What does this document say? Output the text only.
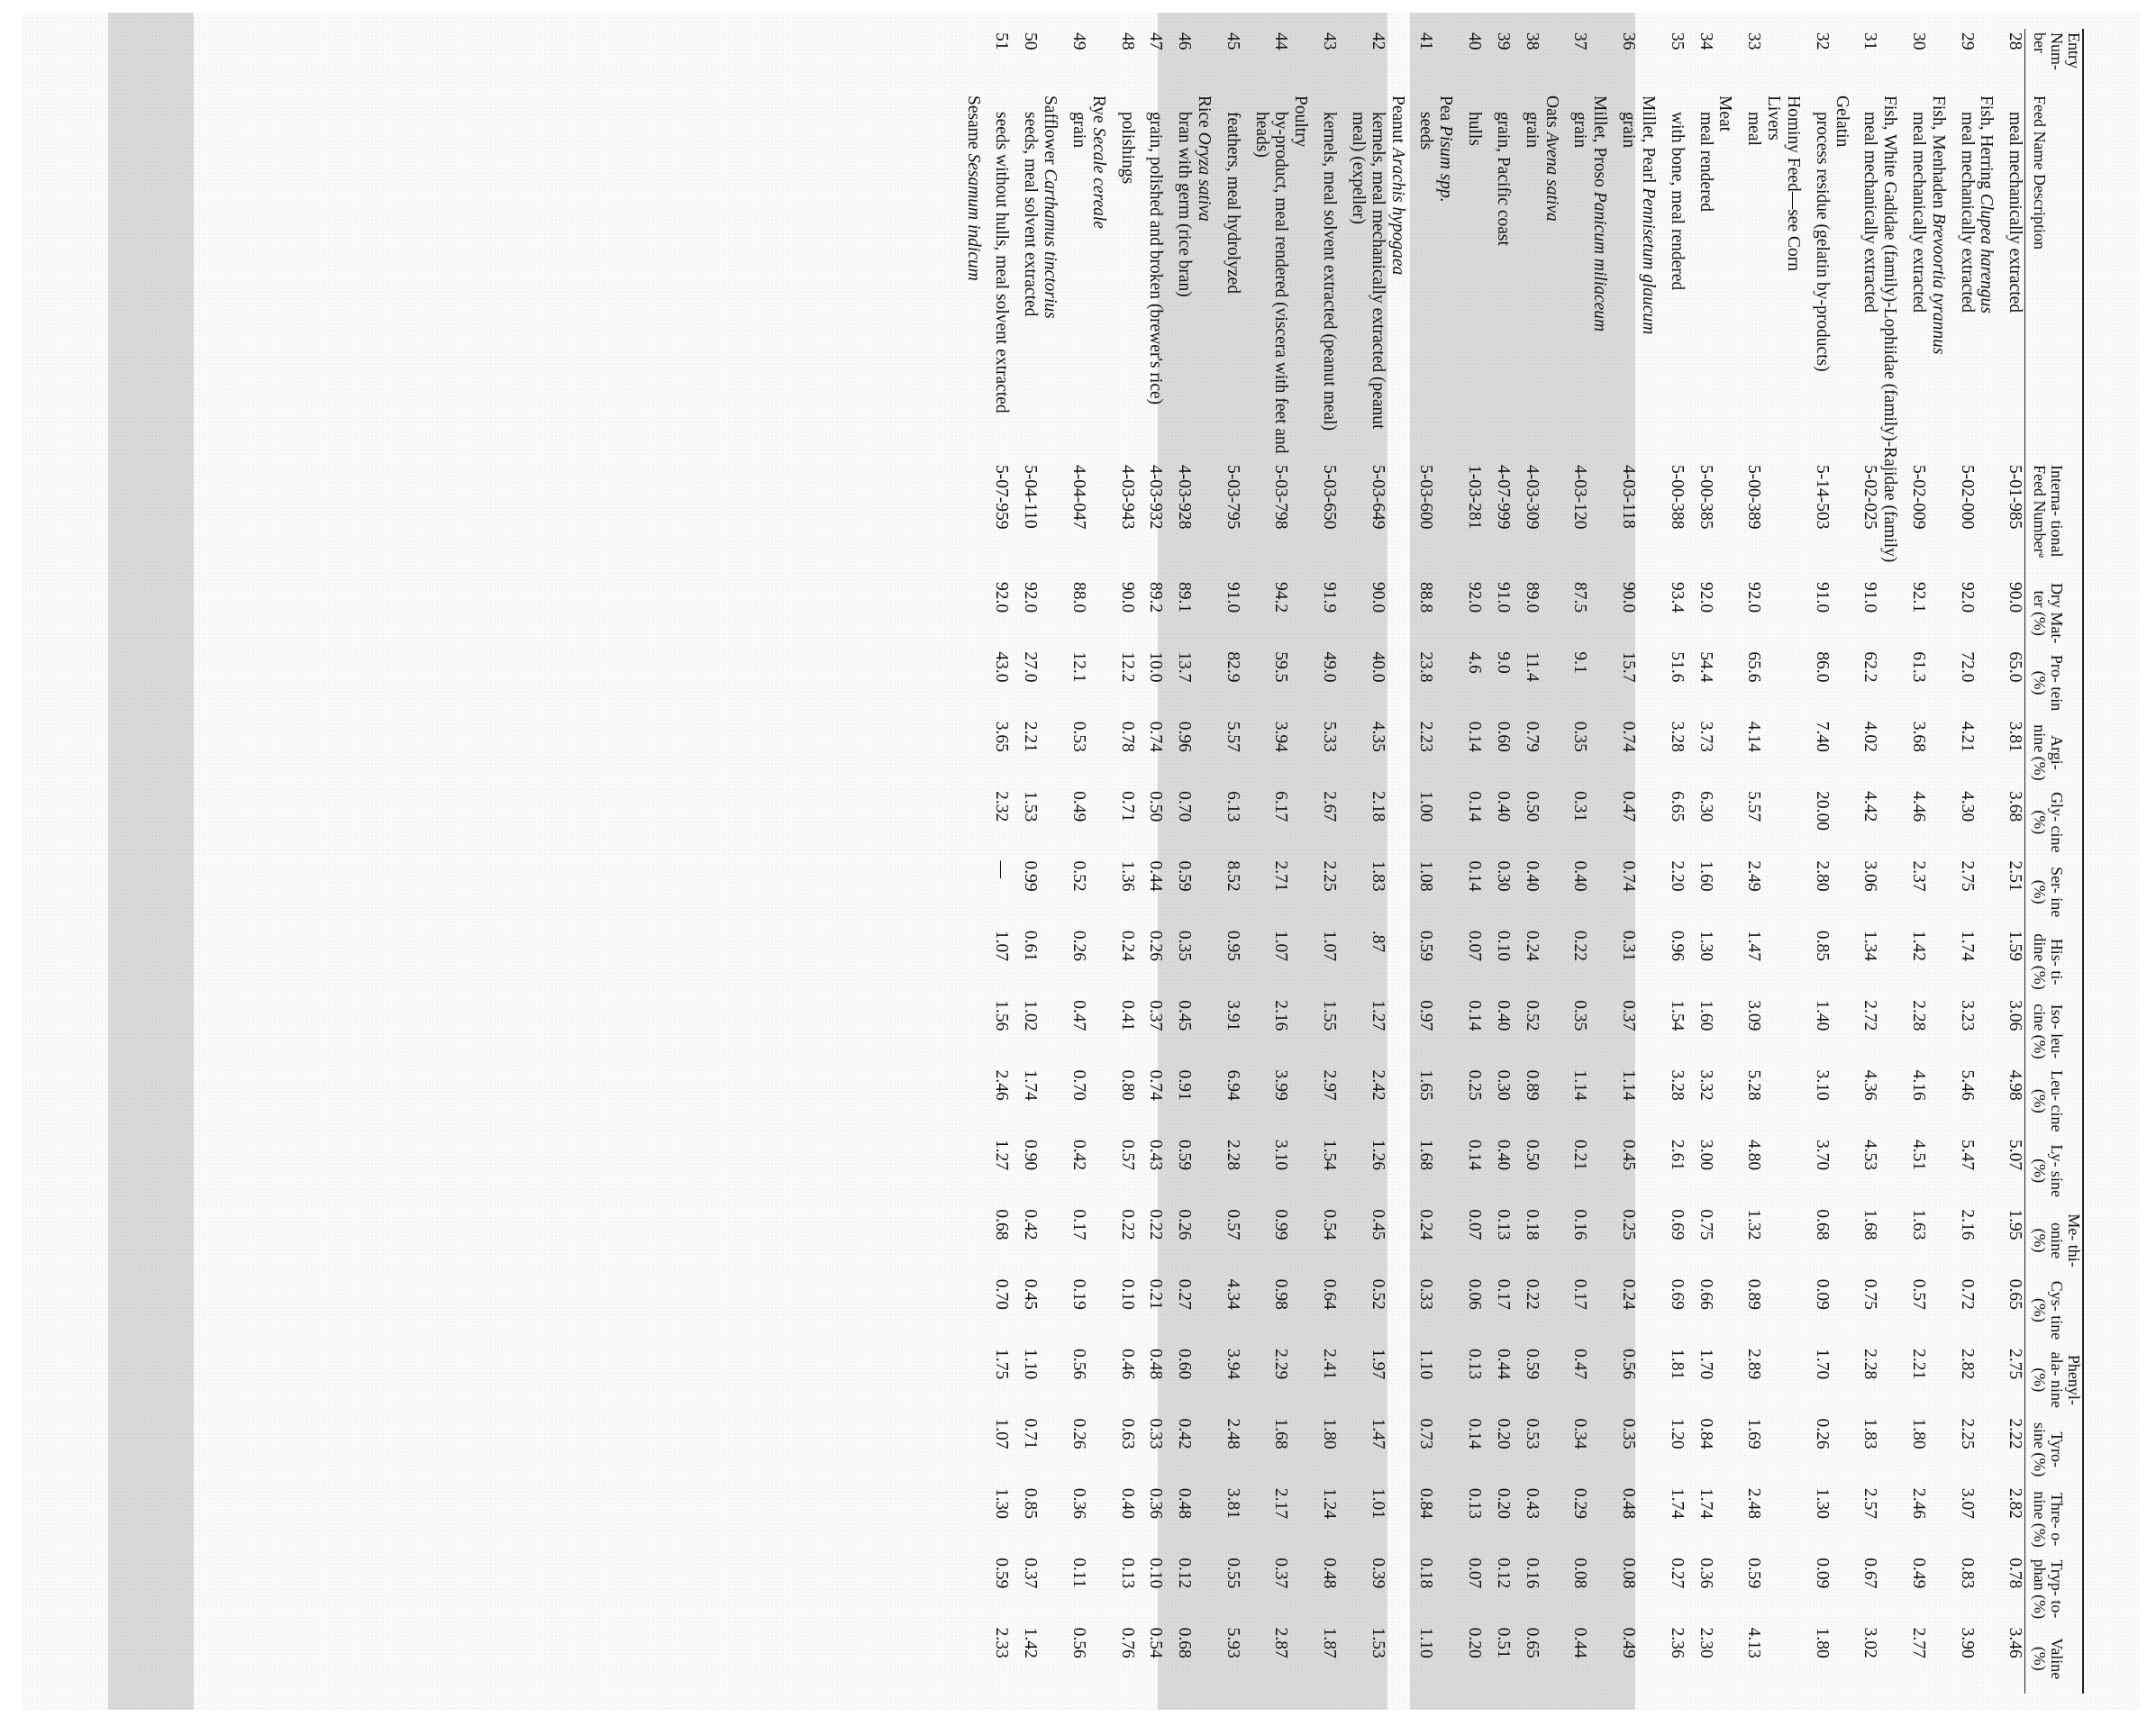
Entry Num- ber	Feed Name Description	Interna- tional Feed Numberᵃ	Dry Mat- ter (%)	Pro- tein (%)	Argi- nine (%)	Gly- cine (%)	Ser- ine (%)	His- ti- dine (%)	Iso- leu- cine (%)	Leu- cine (%)	Ly- sine (%)	Me- thi- onine (%)	Cys- tine (%)	Phenyl- ala- nine (%)	Tyro- sine (%)	Thre- o- nine (%)	Tryp- to- phan (%)	Valine (%)
28	meal mechanically extracted	5-01-985	90.0	65.0	3.81	3.68	2.51	1.59	3.06	4.98	5.07	1.95	0.65	2.75	2.22	2.82	0.78	3.46

	Fish, Herring Clupea harengus																	
29	meal mechanically extracted	5-02-000	92.0	72.0	4.21	4.30	2.75	1.74	3.23	5.46	5.47	2.16	0.72	2.82	2.25	3.07	0.83	3.90

	Fish, Menhaden Brevoortia tyrannus																	
30	meal mechanically extracted	5-02-009	92.1	61.3	3.68	4.46	2.37	1.42	2.28	4.16	4.51	1.63	0.57	2.21	1.80	2.46	0.49	2.77

	Fish, White Gadidae (family)-Lophiidae (family)-Rajidae (family)																	
31	meal mechanically extracted	5-02-025	91.0	62.2	4.02	4.42	3.06	1.34	2.72	4.36	4.53	1.68	0.75	2.28	1.83	2.57	0.67	3.02

	Gelatin																	
32	process residue (gelatin by-products)	5-14-503	91.0	86.0	7.40	20.00	2.80	0.85	1.40	3.10	3.70	0.68	0.09	1.70	0.26	1.30	0.09	1.80

	Hominy Feed—see Corn																	
	Livers																	
33	meal	5-00-389	92.0	65.6	4.14	5.57	2.49	1.47	3.09	5.28	4.80	1.32	0.89	2.89	1.69	2.48	0.59	4.13

	Meat																	
34	meal rendered	5-00-385	92.0	54.4	3.73	6.30	1.60	1.30	1.60	3.32	3.00	0.75	0.66	1.70	0.84	1.74	0.36	2.30

35	with bone, meal rendered	5-00-388	93.4	51.6	3.28	6.65	2.20	0.96	1.54	3.28	2.61	0.69	0.69	1.81	1.20	1.74	0.27	2.36

	Millet, Pearl Pennisetum glaucum																	
36	grain	4-03-118	90.0	15.7	0.74	0.47	0.74	0.31	0.37	1.14	0.45	0.25	0.24	0.56	0.35	0.48	0.08	0.49

	Millet, Proso Panicum miliaceum																	
37	grain	4-03-120	87.5	9.1	0.35	0.31	0.40	0.22	0.35	1.14	0.21	0.16	0.17	0.47	0.34	0.29	0.08	0.44

	Oats Avena sativa																	
38	grain	4-03-309	89.0	11.4	0.79	0.50	0.40	0.24	0.52	0.89	0.50	0.18	0.22	0.59	0.53	0.43	0.16	0.65

39	grain, Pacific coast	4-07-999	91.0	9.0	0.60	0.40	0.30	0.10	0.40	0.30	0.40	0.13	0.17	0.44	0.20	0.20	0.12	0.51

40	hulls	1-03-281	92.0	4.6	0.14	0.14	0.14	0.07	0.14	0.25	0.14	0.07	0.06	0.13	0.14	0.13	0.07	0.20

	Pea Pisum spp.																	
41	seeds	5-03-600	88.8	23.8	2.23	1.00	1.08	0.59	0.97	1.65	1.68	0.24	0.33	1.10	0.73	0.84	0.18	1.10

	Peanut Arachis hypogaea																	
42	kernels, meal mechanically extracted (peanut meal) (expeller)	5-03-649	90.0	40.0	4.35	2.18	1.83	.87	1.27	2.42	1.26	0.45	0.52	1.97	1.47	1.01	0.39	1.53

43	kernels, meal solvent extracted (peanut meal)	5-03-650	91.9	49.0	5.33	2.67	2.25	1.07	1.55	2.97	1.54	0.54	0.64	2.41	1.80	1.24	0.48	1.87

	Poultry																	
44	by-product, meal rendered (viscera with feet and heads)	5-03-798	94.2	59.5	3.94	6.17	2.71	1.07	2.16	3.99	3.10	0.99	0.98	2.29	1.68	2.17	0.37	2.87

45	feathers, meal hydrolyzed	5-03-795	91.0	82.9	5.57	6.13	8.52	0.95	3.91	6.94	2.28	0.57	4.34	3.94	2.48	3.81	0.55	5.93

	Rice Oryza sativa																	
46	bran with germ (rice bran)	4-03-928	89.1	13.7	0.96	0.70	0.59	0.35	0.45	0.91	0.59	0.26	0.27	0.60	0.42	0.48	0.12	0.68

47	grain, polished and broken (brewer's rice)	4-03-932	89.2	10.0	0.74	0.50	0.44	0.26	0.37	0.74	0.43	0.22	0.21	0.48	0.33	0.36	0.10	0.54

48	polishings	4-03-943	90.0	12.2	0.78	0.71	1.36	0.24	0.41	0.80	0.57	0.22	0.10	0.46	0.63	0.40	0.13	0.76

	Rye Secale cereale																	
49	grain	4-04-047	88.0	12.1	0.53	0.49	0.52	0.26	0.47	0.70	0.42	0.17	0.19	0.56	0.26	0.36	0.11	0.56

	Safflower Carthamus tinctorius																	
50	seeds, meal solvent extracted	5-04-110	92.0	27.0	2.21	1.53	0.99	0.61	1.02	1.74	0.90	0.42	0.45	1.10	0.71	0.85	0.37	1.42

51	seeds without hulls, meal solvent extracted	5-07-959	92.0	43.0	3.65	2.32	—	1.07	1.56	2.46	1.27	0.68	0.70	1.75	1.07	1.30	0.59	2.33

	Sesame Sesamum indicum																	
